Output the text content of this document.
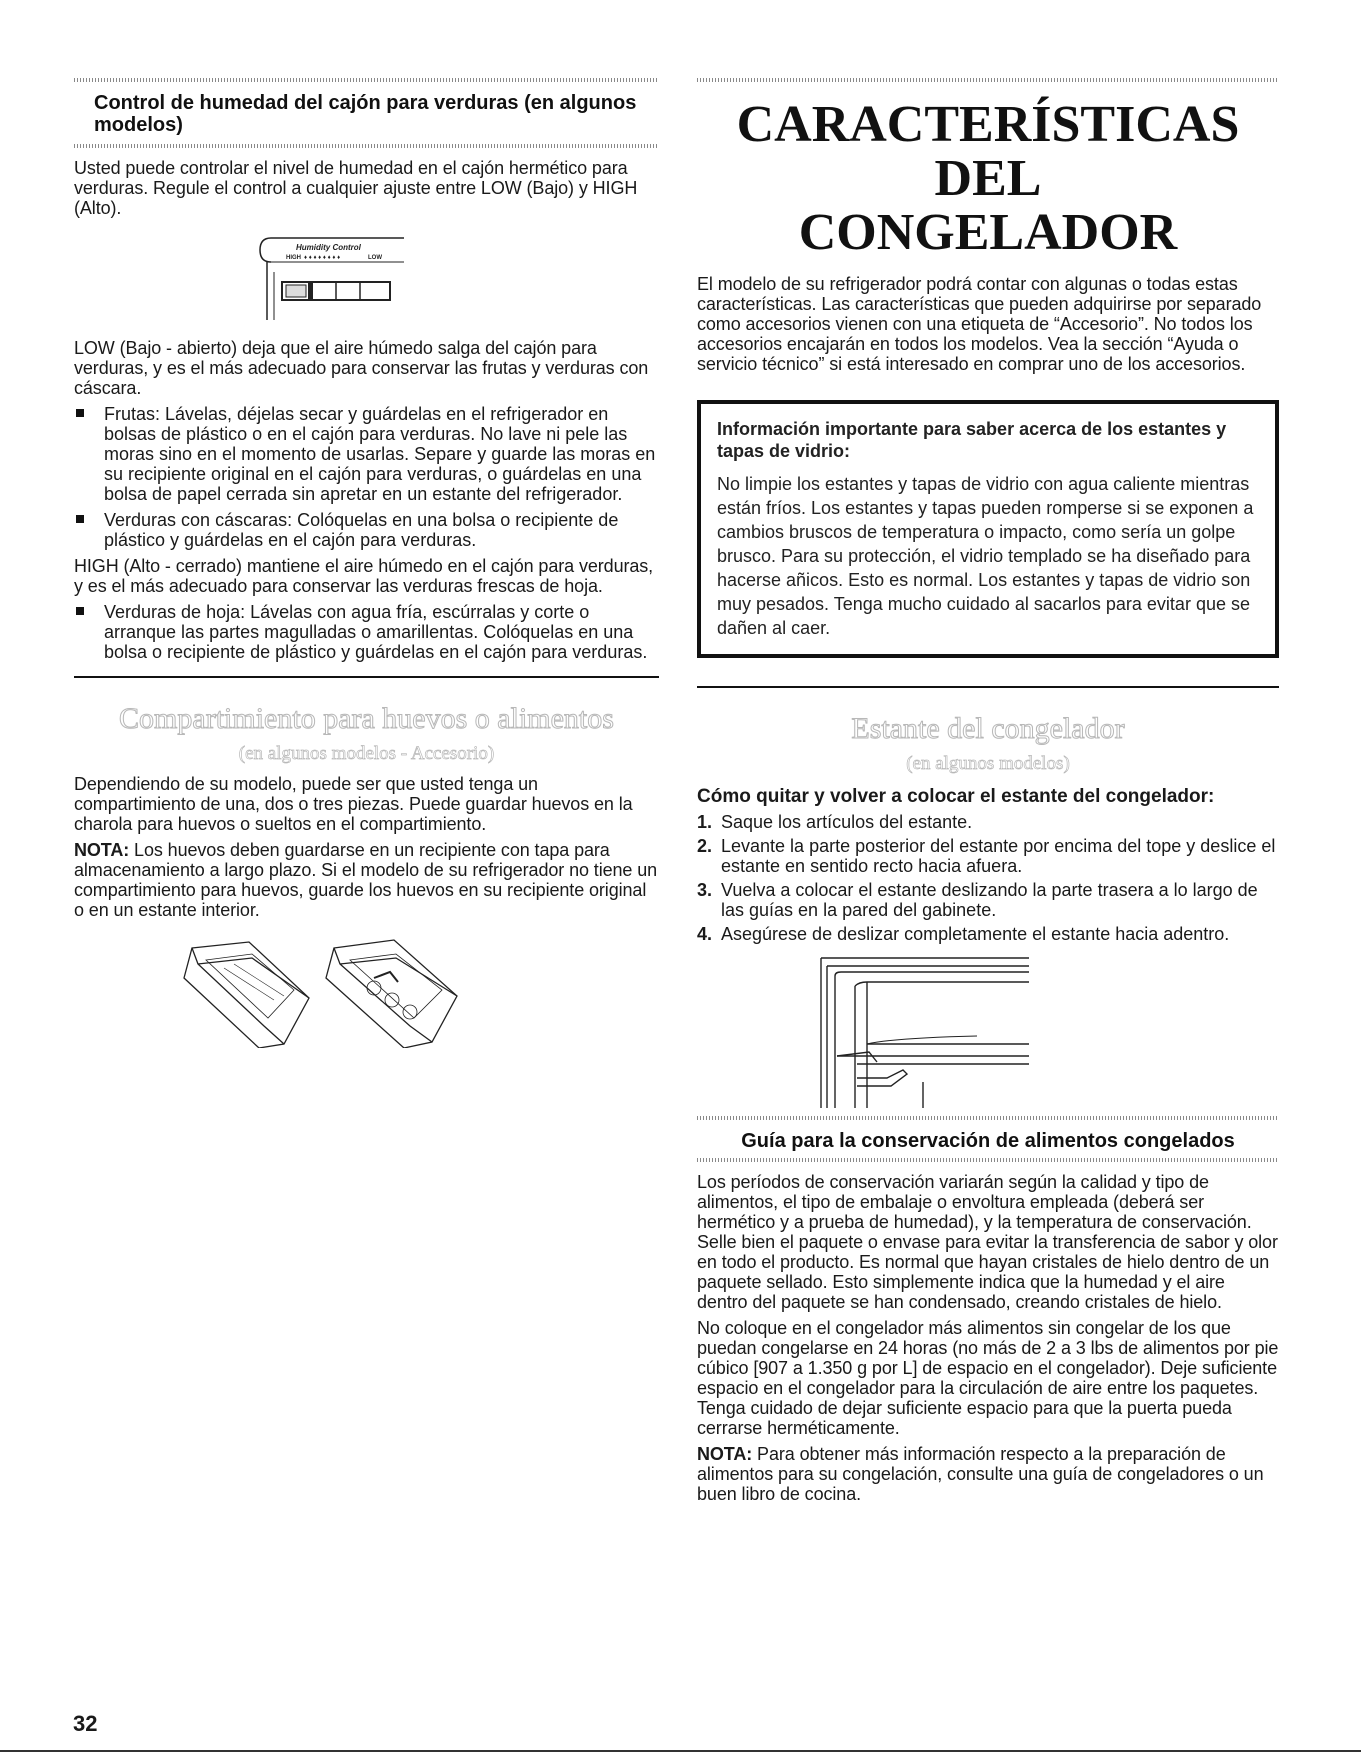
Control de humedad del cajón para verduras (en algunos modelos)

Usted puede controlar el nivel de humedad en el cajón hermético para verduras. Regule el control a cualquier ajuste entre LOW (Bajo) y HIGH (Alto).

Humidity Control
HIGH ♦ ♦ ♦ ♦ ♦ ♦ ♦ ♦	LOW

LOW (Bajo - abierto) deja que el aire húmedo salga del cajón para verduras, y es el más adecuado para conservar las frutas y verduras con cáscara.

Frutas: Lávelas, déjelas secar y guárdelas en el refrigerador en bolsas de plástico o en el cajón para verduras. No lave ni pele las moras sino en el momento de usarlas. Separe y guarde las moras en su recipiente original en el cajón para verduras, o guárdelas en una bolsa de papel cerrada sin apretar en un estante del refrigerador.
Verduras con cáscaras: Colóquelas en una bolsa o recipiente de plástico y guárdelas en el cajón para verduras.

HIGH (Alto - cerrado) mantiene el aire húmedo en el cajón para verduras, y es el más adecuado para conservar las verduras frescas de hoja.

Verduras de hoja: Lávelas con agua fría, escúrralas y corte o arranque las partes magulladas o amarillentas. Colóquelas en una bolsa o recipiente de plástico y guárdelas en el cajón para verduras.
Compartimiento para huevos o alimentos
(en algunos modelos - Accesorio)

Dependiendo de su modelo, puede ser que usted tenga un compartimiento de una, dos o tres piezas. Puede guardar huevos en la charola para huevos o sueltos en el compartimiento.

NOTA: Los huevos deben guardarse en un recipiente con tapa para almacenamiento a largo plazo. Si el modelo de su refrigerador no tiene un compartimiento para huevos, guarde los huevos en su recipiente original o en un estante interior.

CARACTERÍSTICAS DEL
CONGELADOR

El modelo de su refrigerador podrá contar con algunas o todas estas características. Las características que pueden adquirirse por separado como accesorios vienen con una etiqueta de “Accesorio”. No todos los accesorios encajarán en todos los modelos. Vea la sección “Ayuda o servicio técnico” si está interesado en comprar uno de los accesorios.

Información importante para saber acerca de los estantes y tapas de vidrio:
No limpie los estantes y tapas de vidrio con agua caliente mientras están fríos. Los estantes y tapas pueden romperse si se exponen a cambios bruscos de temperatura o impacto, como sería un golpe brusco. Para su protección, el vidrio templado se ha diseñado para hacerse añicos. Esto es normal. Los estantes y tapas de vidrio son muy pesados. Tenga mucho cuidado al sacarlos para evitar que se dañen al caer.
Estante del congelador
(en algunos modelos)
Cómo quitar y volver a colocar el estante del congelador:
1. Saque los artículos del estante.
2. Levante la parte posterior del estante por encima del tope y deslice el estante en sentido recto hacia afuera.
3. Vuelva a colocar el estante deslizando la parte trasera a lo largo de las guías en la pared del gabinete.
4. Asegúrese de deslizar completamente el estante hacia adentro.
Guía para la conservación de alimentos congelados

Los períodos de conservación variarán según la calidad y tipo de alimentos, el tipo de embalaje o envoltura empleada (deberá ser hermético y a prueba de humedad), y la temperatura de conservación. Selle bien el paquete o envase para evitar la transferencia de sabor y olor en todo el producto. Es normal que hayan cristales de hielo dentro de un paquete sellado. Esto simplemente indica que la humedad y el aire dentro del paquete se han condensado, creando cristales de hielo.

No coloque en el congelador más alimentos sin congelar de los que puedan congelarse en 24 horas (no más de 2 a 3 lbs de alimentos por pie cúbico [907 a 1.350 g por L] de espacio en el congelador). Deje suficiente espacio en el congelador para la circulación de aire entre los paquetes. Tenga cuidado de dejar suficiente espacio para que la puerta pueda cerrarse herméticamente.

NOTA: Para obtener más información respecto a la preparación de alimentos para su congelación, consulte una guía de congeladores o un buen libro de cocina.

32
